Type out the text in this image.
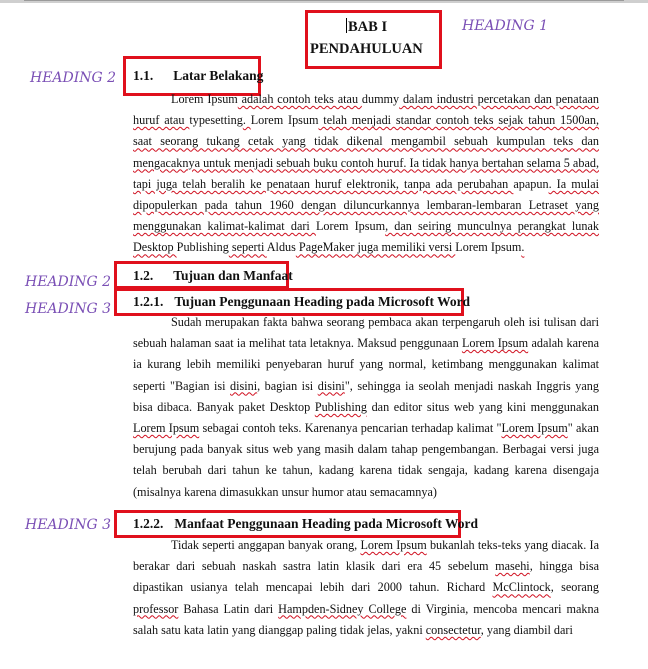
BAB I
PENDAHULUAN
HEADING 1
HEADING 2 1.1. Latar Belakang

Lorem Ipsum adalah contoh teks atau dummy dalam industri percetakan dan penataan huruf atau typesetting. Lorem Ipsum telah menjadi standar contoh teks sejak tahun 1500an, saat seorang tukang cetak yang tidak dikenal mengambil sebuah kumpulan teks dan mengacaknya untuk menjadi sebuah buku contoh huruf. Ia tidak hanya bertahan selama 5 abad, tapi juga telah beralih ke penataan huruf elektronik, tanpa ada perubahan apapun. Ia mulai dipopulerkan pada tahun 1960 dengan diluncurkannya lembaran-lembaran Letraset yang menggunakan kalimat-kalimat dari Lorem Ipsum, dan seiring munculnya perangkat lunak Desktop Publishing seperti Aldus PageMaker juga memiliki versi Lorem Ipsum.

HEADING 2 1.2. Tujuan dan Manfaat
HEADING 3 1.2.1. Tujuan Penggunaan Heading pada Microsoft Word

Sudah merupakan fakta bahwa seorang pembaca akan terpengaruh oleh isi tulisan dari sebuah halaman saat ia melihat tata letaknya. Maksud penggunaan Lorem Ipsum adalah karena ia kurang lebih memiliki penyebaran huruf yang normal, ketimbang menggunakan kalimat seperti "Bagian isi disini, bagian isi disini", sehingga ia seolah menjadi naskah Inggris yang bisa dibaca. Banyak paket Desktop Publishing dan editor situs web yang kini menggunakan Lorem Ipsum sebagai contoh teks. Karenanya pencarian terhadap kalimat "Lorem Ipsum" akan berujung pada banyak situs web yang masih dalam tahap pengembangan. Berbagai versi juga telah berubah dari tahun ke tahun, kadang karena tidak sengaja, kadang karena disengaja (misalnya karena dimasukkan unsur humor atau semacamnya)

HEADING 3 1.2.2. Manfaat Penggunaan Heading pada Microsoft Word

Tidak seperti anggapan banyak orang, Lorem Ipsum bukanlah teks-teks yang diacak. Ia berakar dari sebuah naskah sastra latin klasik dari era 45 sebelum masehi, hingga bisa dipastikan usianya telah mencapai lebih dari 2000 tahun. Richard McClintock, seorang professor Bahasa Latin dari Hampden-Sidney College di Virginia, mencoba mencari makna salah satu kata latin yang dianggap paling tidak jelas, yakni consectetur, yang diambil dari
